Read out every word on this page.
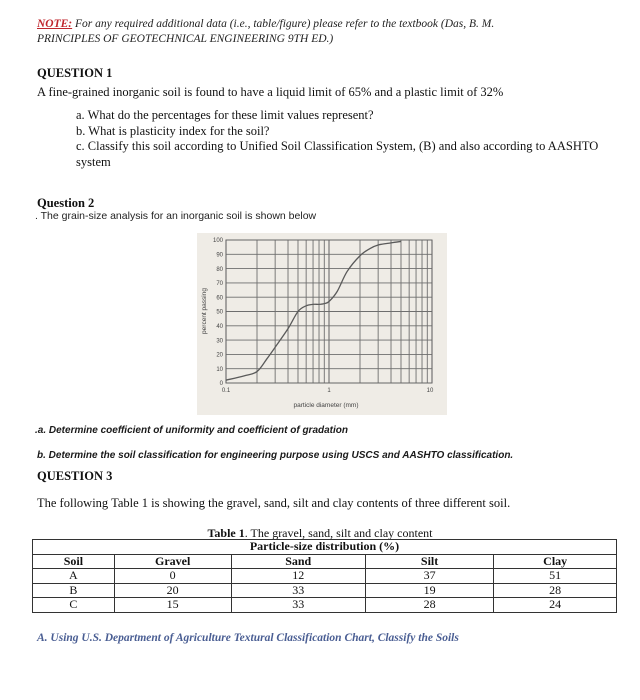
NOTE: For any required additional data (i.e., table/figure) please refer to the textbook (Das, B. M.
PRINCIPLES OF GEOTECHNICAL ENGINEERING 9TH ED.)
QUESTION 1
A fine-grained inorganic soil is found to have a liquid limit of 65% and a plastic limit of 32%
a. What do the percentages for these limit values represent?
b. What is plasticity index for the soil?
c. Classify this soil according to Unified Soil Classification System, (B) and also according to AASHTO
system
Question 2
. The grain-size analysis for an inorganic soil is shown below
0
10
20
30
40
50
60
70
80
90
100
0.1	1	10
percent passing
particle diameter (mm)
.a. Determine coefficient of uniformity and coefficient of gradation
b. Determine the soil classification for engineering purpose using USCS and AASHTO classification.
QUESTION 3
The following Table 1 is showing the gravel, sand, silt and clay contents of three different soil.
Table 1. The gravel, sand, silt and clay content
Particle-size distribution (%)				
Soil	Gravel	Sand	Silt	Clay
A	0	12	37	51
B	20	33	19	28
C	15	33	28	24
A. Using U.S. Department of Agriculture Textural Classification Chart, Classify the Soils
